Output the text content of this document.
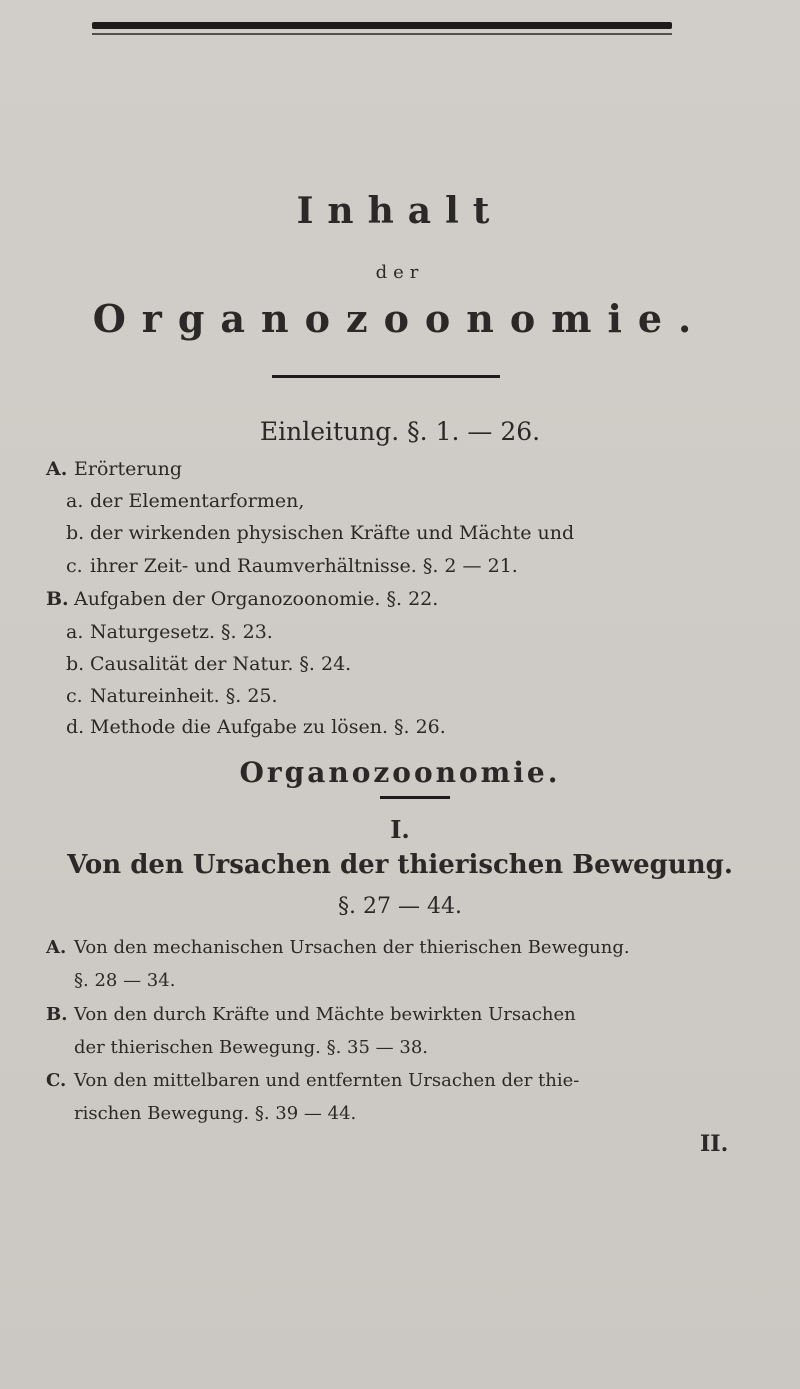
Inhalt
der
Organozoonomie.
Einleitung. §. 1. — 26.
A. Erörterung
a. der Elementarformen,
b. der wirkenden physischen Kräfte und Mächte und
c. ihrer Zeit- und Raumverhältnisse. §. 2 — 21.
B. Aufgaben der Organozoonomie. §. 22.
a. Naturgesetz. §. 23.
b. Causalität der Natur. §. 24.
c. Natureinheit. §. 25.
d. Methode die Aufgabe zu lösen. §. 26.
Organozoonomie.
I.
Von den Ursachen der thierischen Bewegung.
§. 27 — 44.
A. Von den mechanischen Ursachen der thierischen Bewegung.
§. 28 — 34.
B. Von den durch Kräfte und Mächte bewirkten Ursachen
der thierischen Bewegung. §. 35 — 38.
C. Von den mittelbaren und entfernten Ursachen der thie-
rischen Bewegung. §. 39 — 44.
II.
